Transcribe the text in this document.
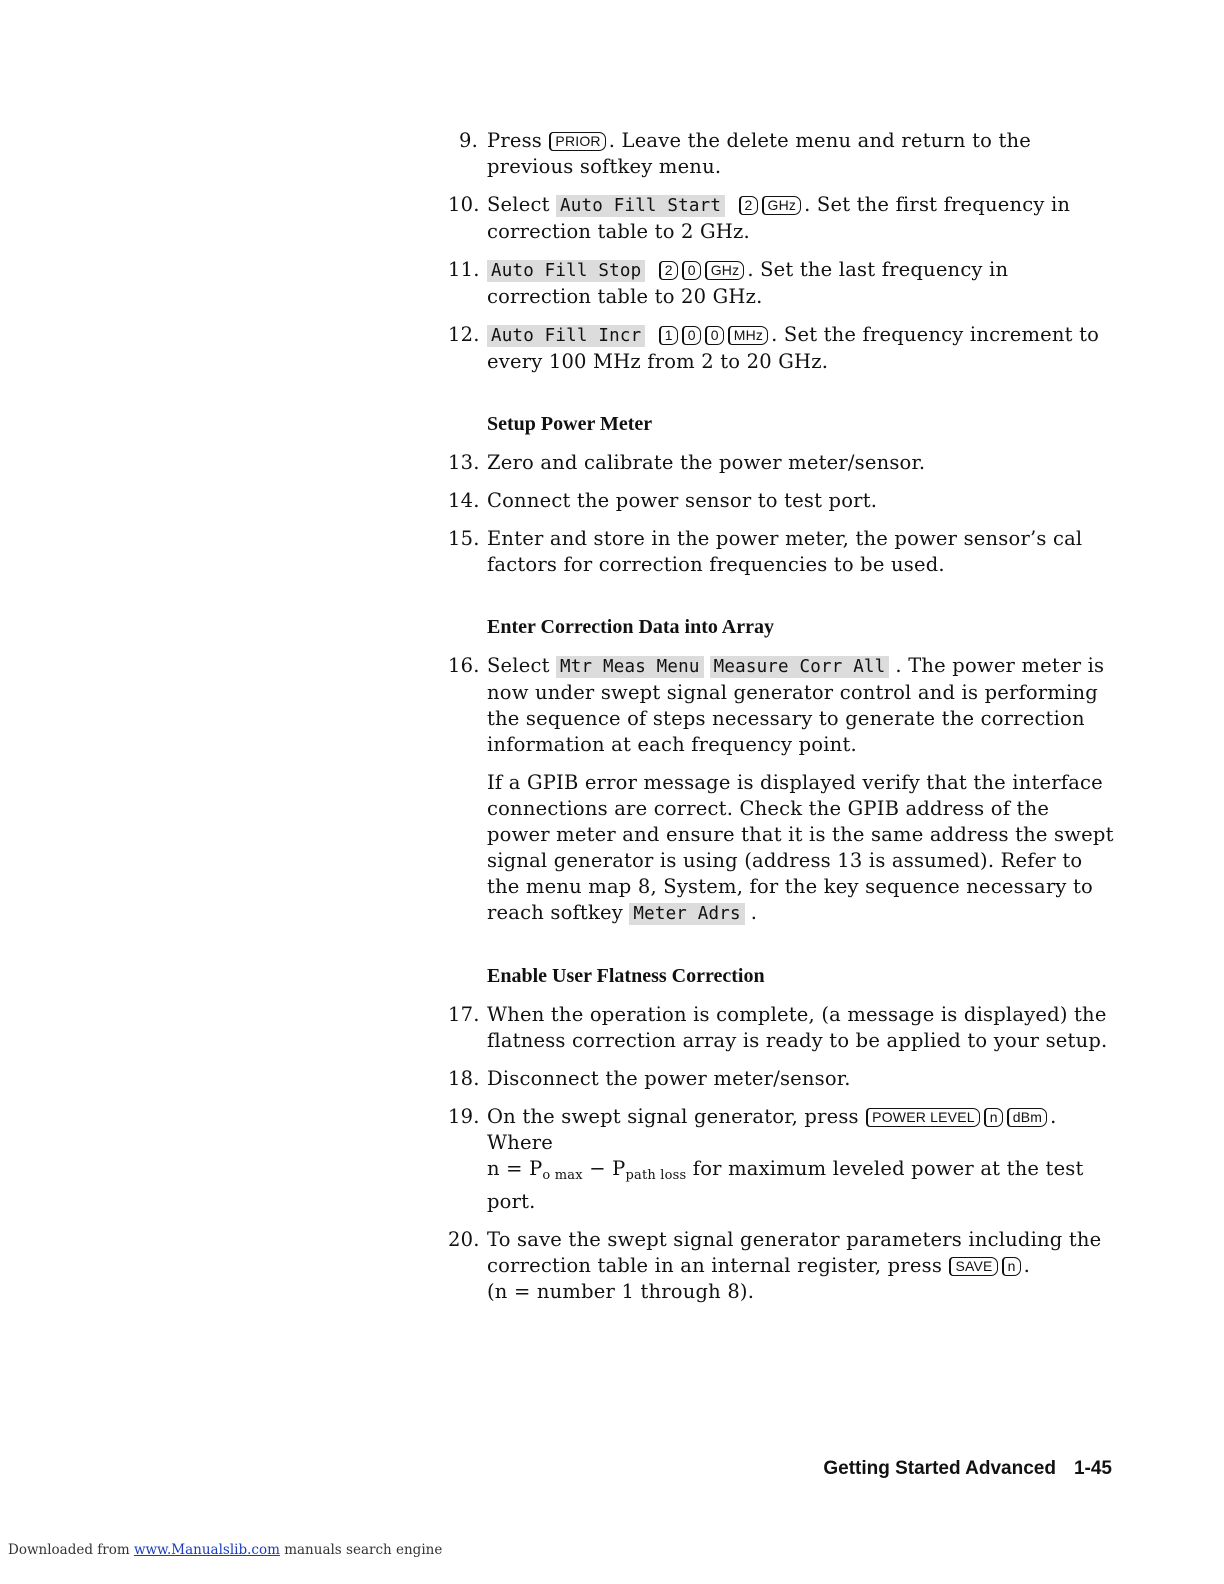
9. Press PRIOR . Leave the delete menu and return to the previous softkey menu.
10. Select Auto Fill Start 2 GHz . Set the first frequency in correction table to 2 GHz.
11. Auto Fill Stop 2 0 GHz . Set the last frequency in correction table to 20 GHz.
12. Auto Fill Incr 1 0 0 MHz . Set the frequency increment to every 100 MHz from 2 to 20 GHz.
Setup Power Meter
13. Zero and calibrate the power meter/sensor.
14. Connect the power sensor to test port.
15. Enter and store in the power meter, the power sensor’s cal factors for correction frequencies to be used.
Enter Correction Data into Array
16. Select Mtr Meas Menu Measure Corr All . The power meter is now under swept signal generator control and is performing the sequence of steps necessary to generate the correction information at each frequency point.
If a GPIB error message is displayed verify that the interface connections are correct. Check the GPIB address of the power meter and ensure that it is the same address the swept signal generator is using (address 13 is assumed). Refer to the menu map 8, System, for the key sequence necessary to reach softkey Meter Adrs .
Enable User Flatness Correction
17. When the operation is complete, (a message is displayed) the flatness correction array is ready to be applied to your setup.
18. Disconnect the power meter/sensor.
19. On the swept signal generator, press POWER LEVEL n dBm . Where
$n = P_{o max} - P_{path loss}$ for maximum leveled power at the test port.
20. To save the swept signal generator parameters including the correction table in an internal register, press SAVE n .
(n = number 1 through 8).
Getting Started Advanced 1-45
Downloaded from www.Manualslib.com manuals search engine
